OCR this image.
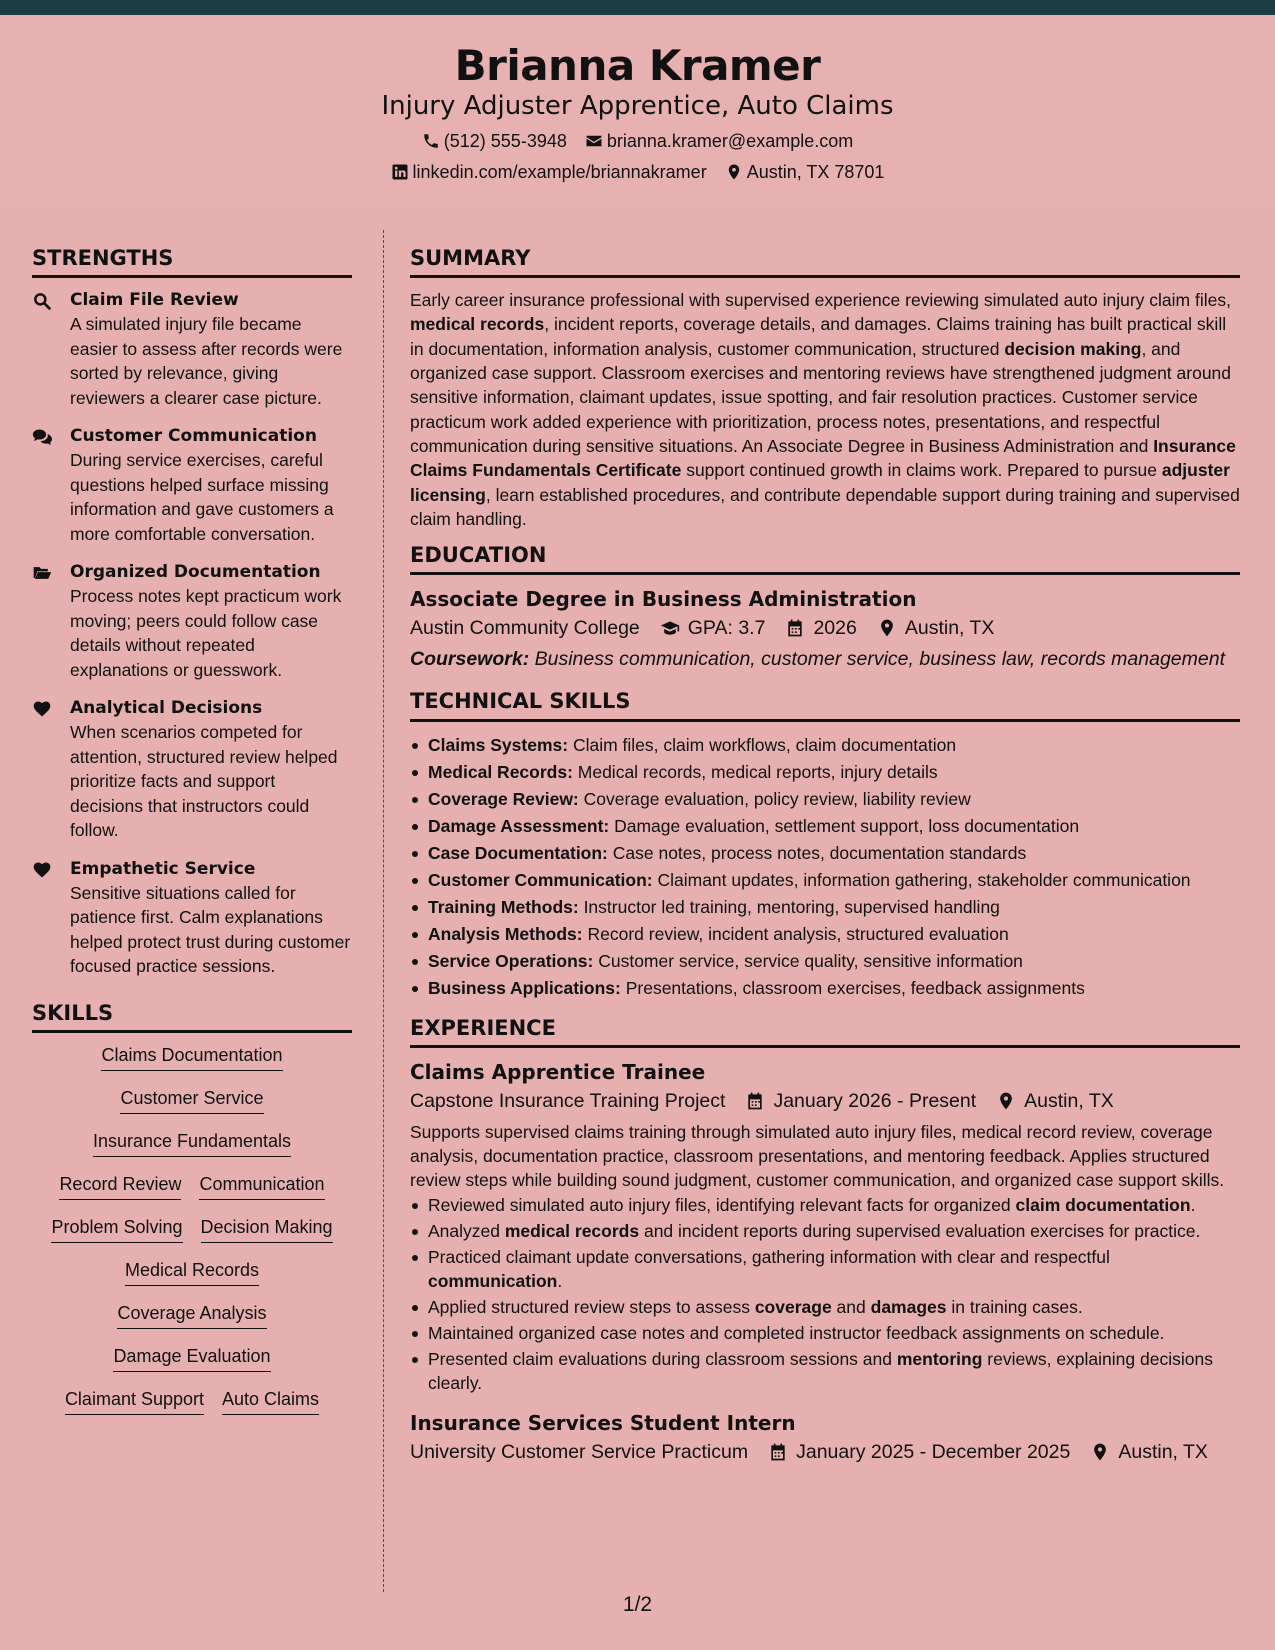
Brianna Kramer
Injury Adjuster Apprentice, Auto Claims
(512) 555-3948 brianna.kramer@example.com
linkedin.com/example/briannakramer Austin, TX 78701
STRENGTHS
Claim File Review
A simulated injury file became easier to assess after records were sorted by relevance, giving reviewers a clearer case picture.
Customer Communication
During service exercises, careful questions helped surface missing information and gave customers a more comfortable conversation.
Organized Documentation
Process notes kept practicum work moving; peers could follow case details without repeated explanations or guesswork.
Analytical Decisions
When scenarios competed for attention, structured review helped prioritize facts and support decisions that instructors could follow.
Empathetic Service
Sensitive situations called for patience first. Calm explanations helped protect trust during customer focused practice sessions.
SKILLS
Claims Documentation
Customer Service
Insurance Fundamentals
Record Review Communication
Problem Solving Decision Making
Medical Records
Coverage Analysis
Damage Evaluation
Claimant Support Auto Claims
SUMMARY

Early career insurance professional with supervised experience reviewing simulated auto injury claim files, medical records, incident reports, coverage details, and damages. Claims training has built practical skill in documentation, information analysis, customer communication, structured decision making, and organized case support. Classroom exercises and mentoring reviews have strengthened judgment around sensitive information, claimant updates, issue spotting, and fair resolution practices. Customer service practicum work added experience with prioritization, process notes, presentations, and respectful communication during sensitive situations. An Associate Degree in Business Administration and Insurance Claims Fundamentals Certificate support continued growth in claims work. Prepared to pursue adjuster licensing, learn established procedures, and contribute dependable support during training and supervised claim handling.

EDUCATION
Associate Degree in Business Administration
Austin Community College GPA: 3.7 2026 Austin, TX
Coursework: Business communication, customer service, business law, records management
TECHNICAL SKILLS
Claims Systems: Claim files, claim workflows, claim documentation
Medical Records: Medical records, medical reports, injury details
Coverage Review: Coverage evaluation, policy review, liability review
Damage Assessment: Damage evaluation, settlement support, loss documentation
Case Documentation: Case notes, process notes, documentation standards
Customer Communication: Claimant updates, information gathering, stakeholder communication
Training Methods: Instructor led training, mentoring, supervised handling
Analysis Methods: Record review, incident analysis, structured evaluation
Service Operations: Customer service, service quality, sensitive information
Business Applications: Presentations, classroom exercises, feedback assignments
EXPERIENCE
Claims Apprentice Trainee
Capstone Insurance Training Project January 2026 - Present Austin, TX
Supports supervised claims training through simulated auto injury files, medical record review, coverage analysis, documentation practice, classroom presentations, and mentoring feedback. Applies structured review steps while building sound judgment, customer communication, and organized case support skills.
Reviewed simulated auto injury files, identifying relevant facts for organized claim documentation.
Analyzed medical records and incident reports during supervised evaluation exercises for practice.
Practiced claimant update conversations, gathering information with clear and respectful communication.
Applied structured review steps to assess coverage and damages in training cases.
Maintained organized case notes and completed instructor feedback assignments on schedule.
Presented claim evaluations during classroom sessions and mentoring reviews, explaining decisions clearly.
Insurance Services Student Intern
University Customer Service Practicum January 2025 - December 2025 Austin, TX
1/2
